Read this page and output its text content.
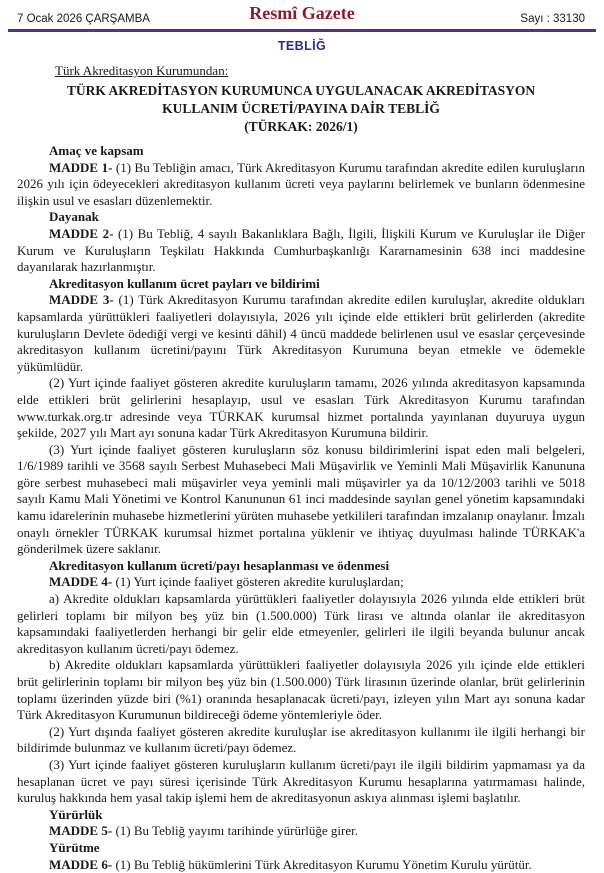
7 Ocak 2026 ÇARŞAMBA	Resmî Gazete	Sayı : 33130
TEBLİĞ
Türk Akreditasyon Kurumundan:
TÜRK AKREDİTASYON KURUMUNCA UYGULANACAK AKREDİTASYON
KULLANIM ÜCRETİ/PAYINA DAİR TEBLİĞ
(TÜRKAK: 2026/1)

Amaç ve kapsam

MADDE 1- (1) Bu Tebliğin amacı, Türk Akreditasyon Kurumu tarafından akredite edilen kuruluşların 2026 yılı için ödeyecekleri akreditasyon kullanım ücreti veya paylarını belirlemek ve bunların ödenmesine ilişkin usul ve esasları düzenlemektir.

Dayanak

MADDE 2- (1) Bu Tebliğ, 4 sayılı Bakanlıklara Bağlı, İlgili, İlişkili Kurum ve Kuruluşlar ile Diğer Kurum ve Kuruluşların Teşkilatı Hakkında Cumhurbaşkanlığı Kararnamesinin 638 inci maddesine dayanılarak hazırlanmıştır.

Akreditasyon kullanım ücret payları ve bildirimi

MADDE 3- (1) Türk Akreditasyon Kurumu tarafından akredite edilen kuruluşlar, akredite oldukları kapsamlarda yürüttükleri faaliyetleri dolayısıyla, 2026 yılı içinde elde ettikleri brüt gelirlerden (akredite kuruluşların Devlete ödediği vergi ve kesinti dâhil) 4 üncü maddede belirlenen usul ve esaslar çerçevesinde akreditasyon kullanım ücretini/payını Türk Akreditasyon Kurumuna beyan etmekle ve ödemekle yükümlüdür.

(2) Yurt içinde faaliyet gösteren akredite kuruluşların tamamı, 2026 yılında akreditasyon kapsamında elde ettikleri brüt gelirlerini hesaplayıp, usul ve esasları Türk Akreditasyon Kurumu tarafından www.turkak.org.tr adresinde veya TÜRKAK kurumsal hizmet portalında yayınlanan duyuruya uygun şekilde, 2027 yılı Mart ayı sonuna kadar Türk Akreditasyon Kurumuna bildirir.

(3) Yurt içinde faaliyet gösteren kuruluşların söz konusu bildirimlerini ispat eden mali belgeleri, 1/6/1989 tarihli ve 3568 sayılı Serbest Muhasebeci Mali Müşavirlik ve Yeminli Mali Müşavirlik Kanununa göre serbest muhasebeci mali müşavirler veya yeminli mali müşavirler ya da 10/12/2003 tarihli ve 5018 sayılı Kamu Mali Yönetimi ve Kontrol Kanununun 61 inci maddesinde sayılan genel yönetim kapsamındaki kamu idarelerinin muhasebe hizmetlerini yürüten muhasebe yetkilileri tarafından imzalanıp onaylanır. İmzalı onaylı örnekler TÜRKAK kurumsal hizmet portalına yüklenir ve ihtiyaç duyulması halinde TÜRKAK'a gönderilmek üzere saklanır.

Akreditasyon kullanım ücreti/payı hesaplanması ve ödenmesi

MADDE 4- (1) Yurt içinde faaliyet gösteren akredite kuruluşlardan;

a) Akredite oldukları kapsamlarda yürüttükleri faaliyetler dolayısıyla 2026 yılında elde ettikleri brüt gelirleri toplamı bir milyon beş yüz bin (1.500.000) Türk lirası ve altında olanlar ile akreditasyon kapsamındaki faaliyetlerden herhangi bir gelir elde etmeyenler, gelirleri ile ilgili beyanda bulunur ancak akreditasyon kullanım ücreti/payı ödemez.

b) Akredite oldukları kapsamlarda yürüttükleri faaliyetler dolayısıyla 2026 yılı içinde elde ettikleri brüt gelirlerinin toplamı bir milyon beş yüz bin (1.500.000) Türk lirasının üzerinde olanlar, brüt gelirlerinin toplamı üzerinden yüzde biri (%1) oranında hesaplanacak ücreti/payı, izleyen yılın Mart ayı sonuna kadar Türk Akreditasyon Kurumunun bildireceği ödeme yöntemleriyle öder.

(2) Yurt dışında faaliyet gösteren akredite kuruluşlar ise akreditasyon kullanımı ile ilgili herhangi bir bildirimde bulunmaz ve kullanım ücreti/payı ödemez.

(3) Yurt içinde faaliyet gösteren kuruluşların kullanım ücreti/payı ile ilgili bildirim yapmaması ya da hesaplanan ücret ve payı süresi içerisinde Türk Akreditasyon Kurumu hesaplarına yatırmaması halinde, kuruluş hakkında hem yasal takip işlemi hem de akreditasyonun askıya alınması işlemi başlatılır.

Yürürlük

MADDE 5- (1) Bu Tebliğ yayımı tarihinde yürürlüğe girer.

Yürütme

MADDE 6- (1) Bu Tebliğ hükümlerini Türk Akreditasyon Kurumu Yönetim Kurulu yürütür.
